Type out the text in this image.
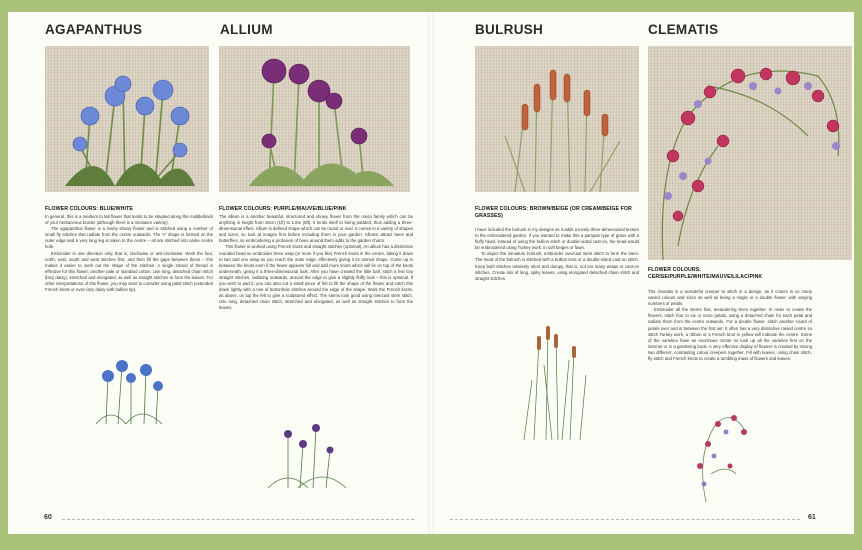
AGAPANTHUS
FLOWER COLOURS: BLUE/WHITE

In general, this is a medium to tall flower that tends to be situated along the middle/back of your herbaceous border (although there is a miniature variety).

The agapanthus flower is a lovely showy flower and is stitched using a number of small fly stitches that radiate from the centre outwards. The 'V' shape is formed on the outer edge and a very long leg is taken to the centre – all are stitched into same centre hole.

Embroider in one direction only, that is, clockwise or anti-clockwise. Work the four, north, east, south and west stitches first, and then fill the gaps between these – this makes it easier to work out the shape of the stitches. A single strand of thread is effective for this flower; another pale or standard cotton. Use long, detached chain stitch (lazy daisy), stretched and elongated, as well as straight stitches to form the leaves. For other interpretations of this flower, you may want to consider using palid stitch (extended French knots or even lazy daisy with bullion tip).

ALLIUM
FLOWER COLOURS: PURPLE/MAUVE/BLUE/PINK

The allium is a another beautiful, structured and showy flower from the onion family which can be anything in height from 30cm (1ft) to 1.8m (6ft). It lends itself to being padded, thus adding a three-dimensional effect. Allium is defined shape which can be round or oval. It comes in a variety of shapes and sizes, so look at images first before including them in your garden. Alliums attract bees and butterflies, so embroidering a profusion of bees around them adds to the garden charm.

This flower is worked using French knots and straight stitches (optional). An allium has a distinctive rounded head so embroider three wrap (or more if you like) French knots in the centre, taking it down to two and one wrap as you reach the outer edge, effectively giving it its domed shape. Come up in between the knots even if the fewer appears full and add more knots which will lie on top of the knots underneath, giving it a three-dimensional look. After you have created the little ball, stitch a few tiny straight stitches, radiating outwards, around the edge to give a slightly fluffy look – this is optional. If you wish to pad it, you can also cut a small piece of felt to fill the shape of the flower and catch this down lightly with a row of buttonhole stitches around the edge of the shape. Work the French knots, as above, on top the felt to give a sculptured effect. The stems look good using overcast stem stitch. Use long, detached chain stitch, stretched and elongated, as well as straight stitches to form the leaves.

BULRUSH
FLOWER COLOURS: BROWN/BEIGE (OR CREAM/BEIGE FOR GRASSES)

I have included the bulrush in my designs as it adds a lovely three-dimensional texture to the embroidered garden. If you wanted to make this a pampas type of grass with a fluffy head, instead of using the bullion stitch or double-sided cast-on, the head would be embroidered using Turkey work, in soft beiges or fawn.

To depict the miniature bulrush, embroider overcast stem stitch to form the stem. The head of the bulrush is stitched with a bullion knot or a double-sided cast-on stitch. Keep both stitches relatively short and dumpy, that is, not too many wraps or cast-on stitches. Create lots of long, spiky leaves, using elongated detached chain stitch and straight stitches.

CLEMATIS
FLOWER COLOURS: CERISE/PURPLE/WHITE/MAUVE/LILAC/PINK

The clematis is a wonderful creeper to stitch in a design, as it comes in so many varied colours and sizes as well as being a single or a double flower, with varying numbers of petals.

Embroider all the stems first, meandering them together. In order to create the flowers, stitch four to six or more petals, using a detached chain for each petal and radiate them from the centre outwards. For a double flower, stitch another round of petals over and in between the first set. It often has a very distinctive raised centre so stitch Turkey work, a ribbon or a French knot in yellow will indicate the centre. Some of the varieties have an enormous centre so look up all the varieties first on the internet or in a gardening book. A very effective display of flowers is created by mixing two different, contrasting colour creepers together. Fill with leaves, using chain stitch, fly stitch and French knots to create a tumbling mass of flowers and leaves.

60	61
